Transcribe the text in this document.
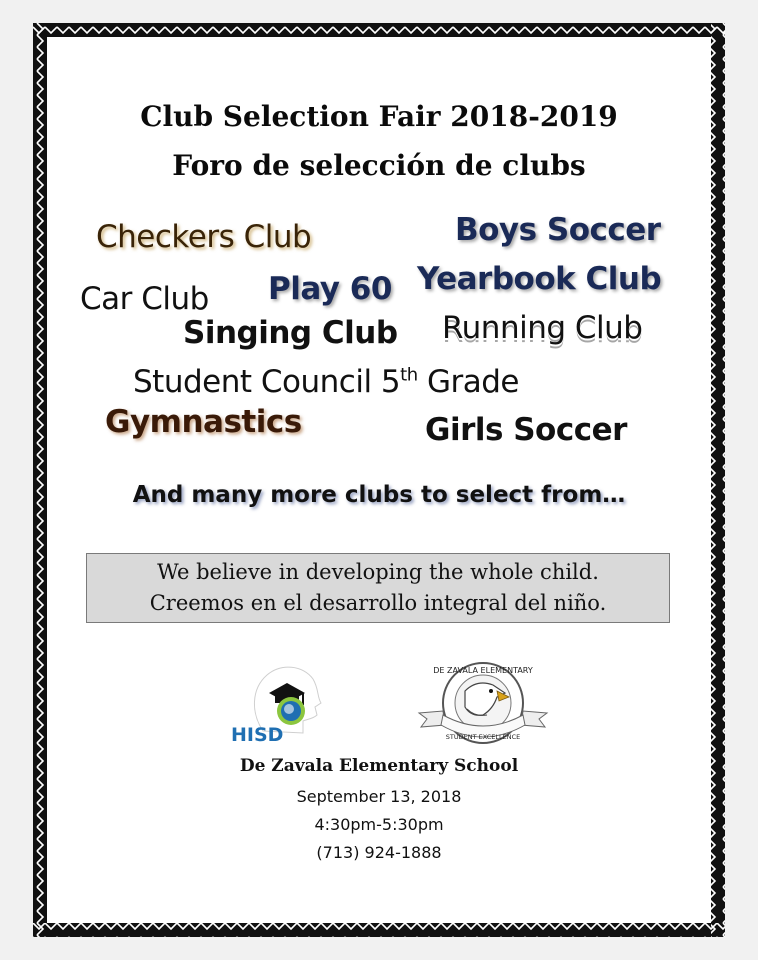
Club Selection Fair 2018-2019
Foro de selección de clubs
Checkers Club	Boys Soccer
Car Club Play 60 Yearbook Club
Singing Club Running Club
Student Council 5th Grade
Gymnastics	Girls Soccer
And many more clubs to select from…
We believe in developing the whole child.
Creemos en el desarrollo integral del niño.
HISD
DE ZAVALA ELEMENTARY
STUDENT EXCELLENCE
De Zavala Elementary School
September 13, 2018
4:30pm-5:30pm
(713) 924-1888
